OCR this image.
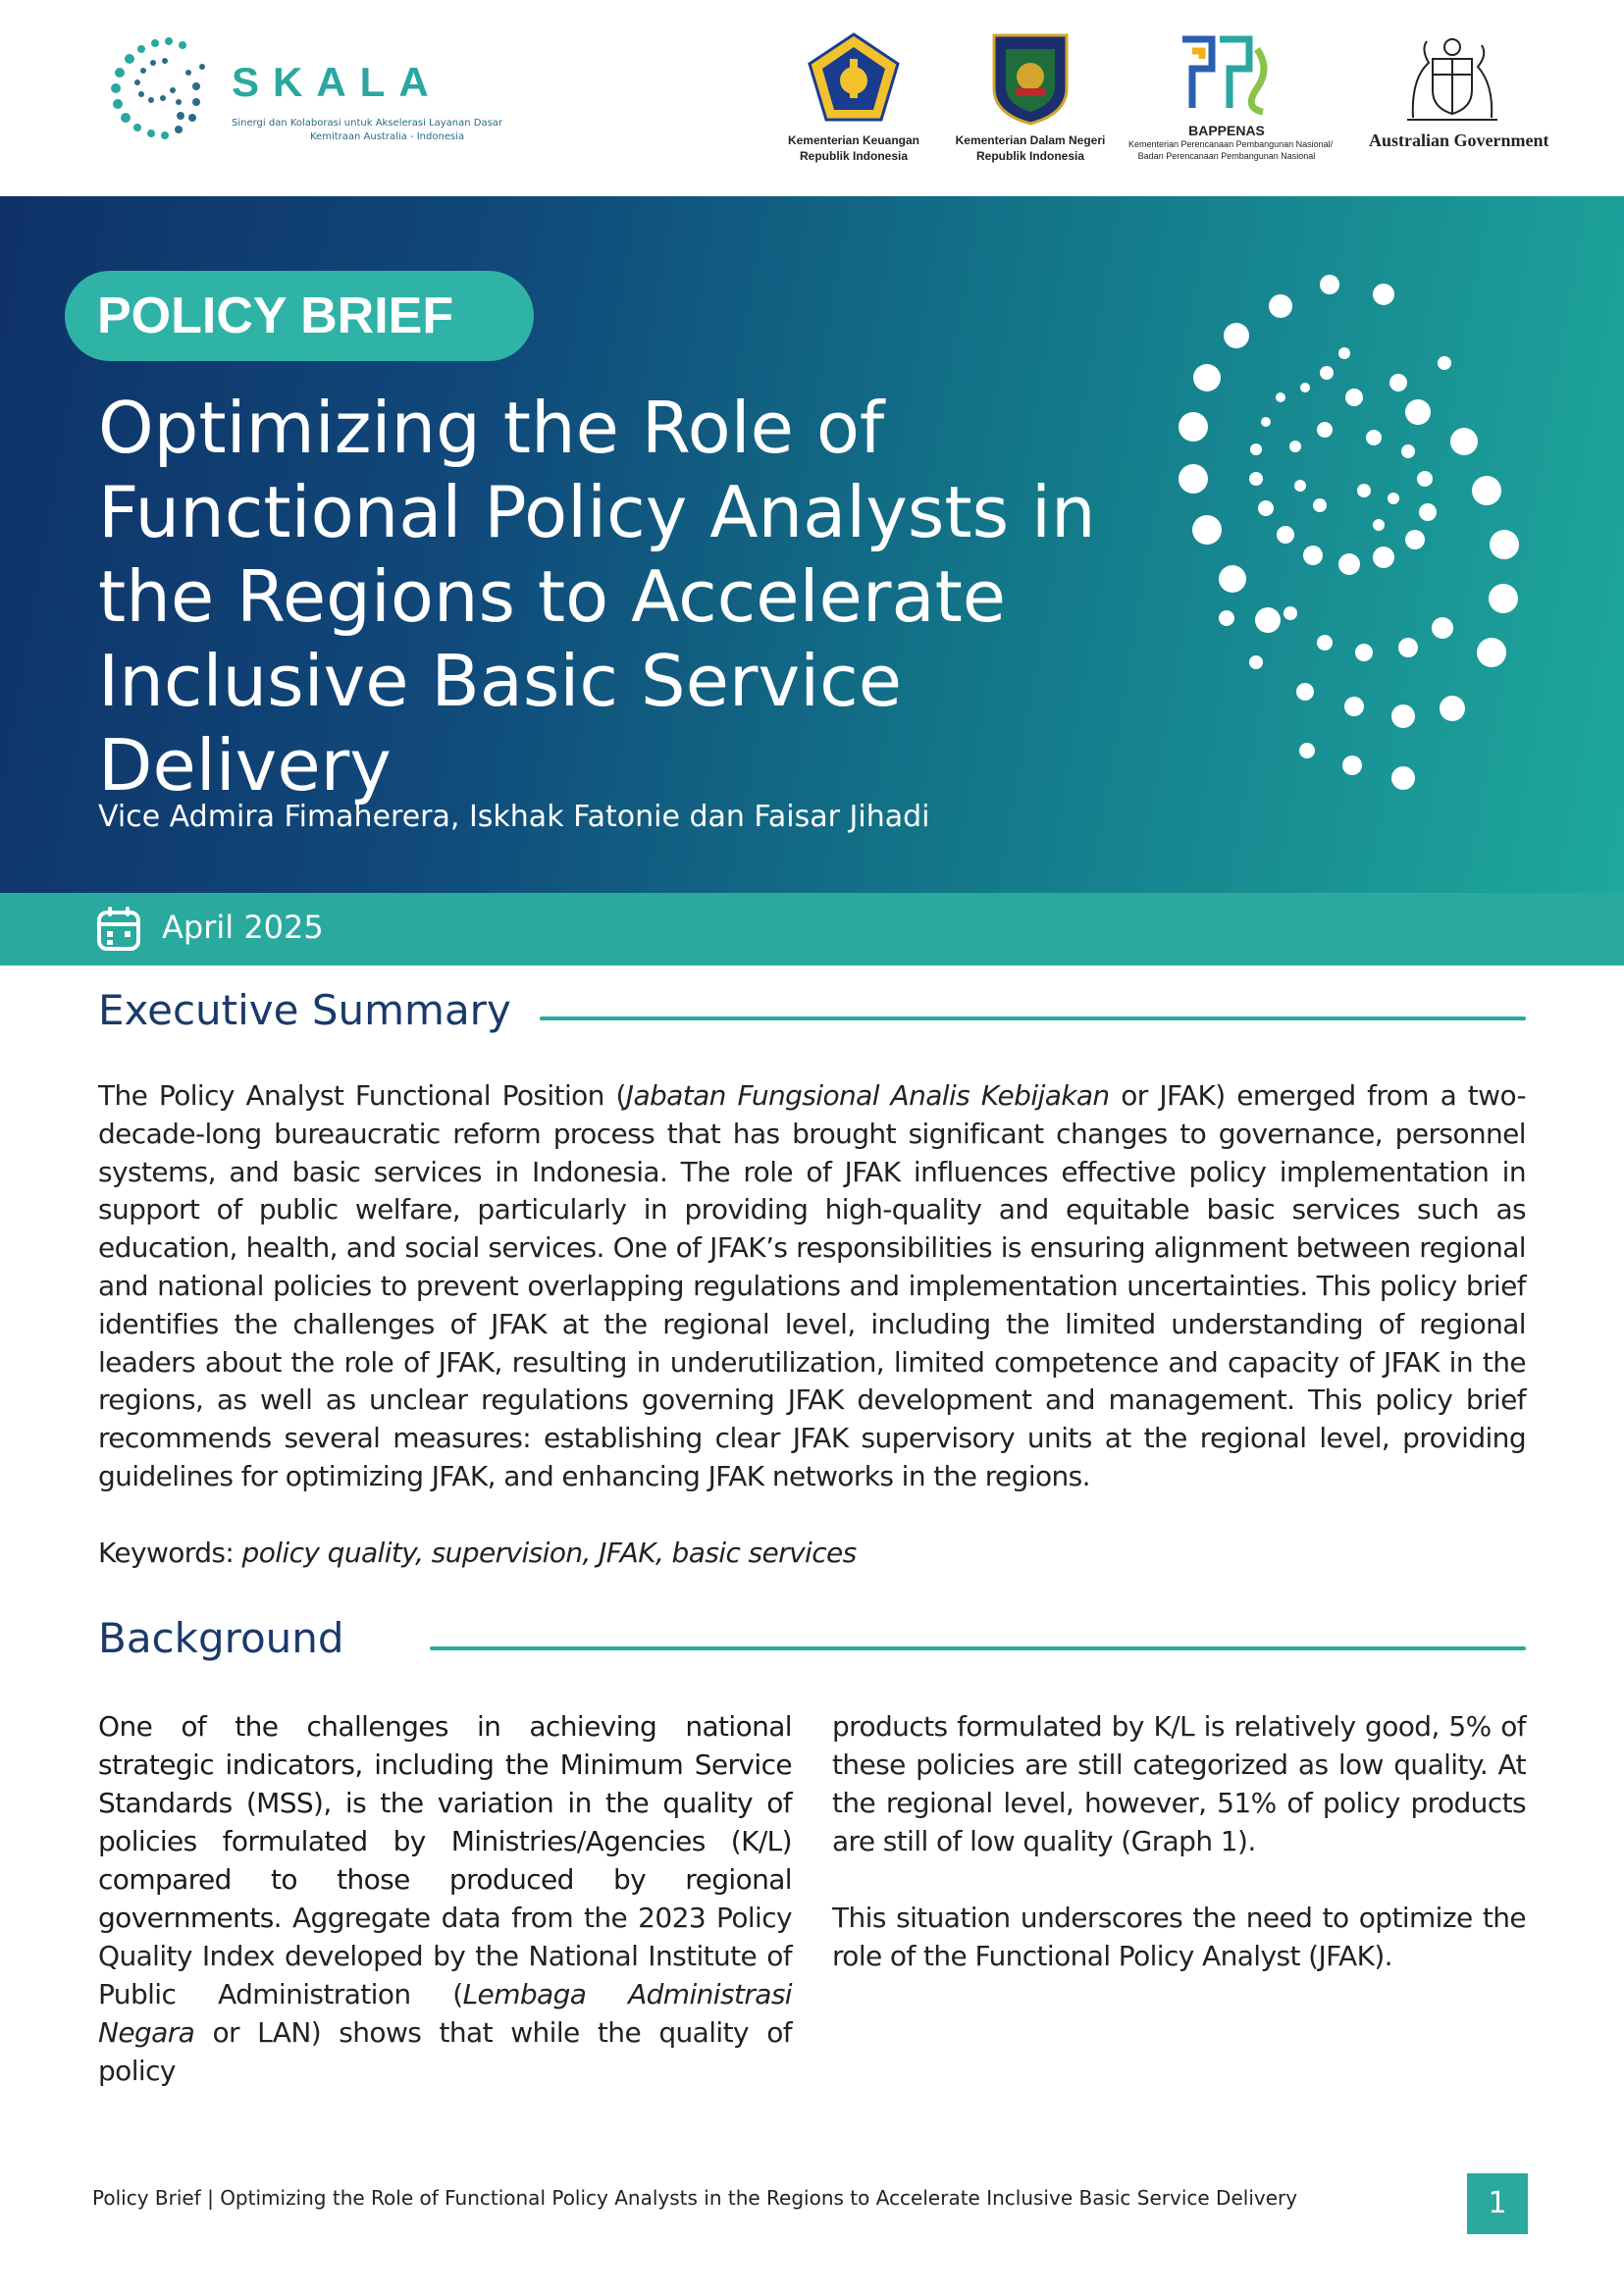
SKALA
Sinergi dan Kolaborasi untuk Akselerasi Layanan Dasar
Kemitraan Australia - Indonesia	Kementerian Keuangan
Republik Indonesia
Kementerian Dalam Negeri
Republik Indonesia
BAPPENAS
Kementerian Perencanaan Pembangunan Nasional/
Badan Perencanaan Pembangunan Nasional
Australian Government
POLICY BRIEF
Optimizing the Role of
Functional Policy Analysts in
the Regions to Accelerate
Inclusive Basic Service Delivery
Vice Admira Fimaherera, Iskhak Fatonie dan Faisar Jihadi
April 2025
Executive Summary
The Policy Analyst Functional Position (Jabatan Fungsional Analis Kebijakan or JFAK) emerged from a two-decade-long bureaucratic reform process that has brought significant changes to governance, personnel systems, and basic services in Indonesia. The role of JFAK influences effective policy implementation in support of public welfare, particularly in providing high-quality and equitable basic services such as education, health, and social services. One of JFAK’s responsibilities is ensuring alignment between regional and national policies to prevent overlapping regulations and implementation uncertainties. This policy brief identifies the challenges of JFAK at the regional level, including the limited understanding of regional leaders about the role of JFAK, resulting in underutilization, limited competence and capacity of JFAK in the regions, as well as unclear regulations governing JFAK development and management. This policy brief recommends several measures: establishing clear JFAK supervisory units at the regional level, providing guidelines for optimizing JFAK, and enhancing JFAK networks in the regions.
Keywords: policy quality, supervision, JFAK, basic services
Background
One of the challenges in achieving national strategic indicators, including the Minimum Service Standards (MSS), is the variation in the quality of policies formulated by Ministries/Agencies (K/L) compared to those produced by regional governments. Aggregate data from the 2023 Policy Quality Index developed by the National Institute of Public Administration (Lembaga Administrasi Negara or LAN) shows that while the quality of policy

products formulated by K/L is relatively good, 5% of these policies are still categorized as low quality. At the regional level, however, 51% of policy products are still of low quality (Graph 1).

This situation underscores the need to optimize the role of the Functional Policy Analyst (JFAK).

Policy Brief | Optimizing the Role of Functional Policy Analysts in the Regions to Accelerate Inclusive Basic Service Delivery	1
